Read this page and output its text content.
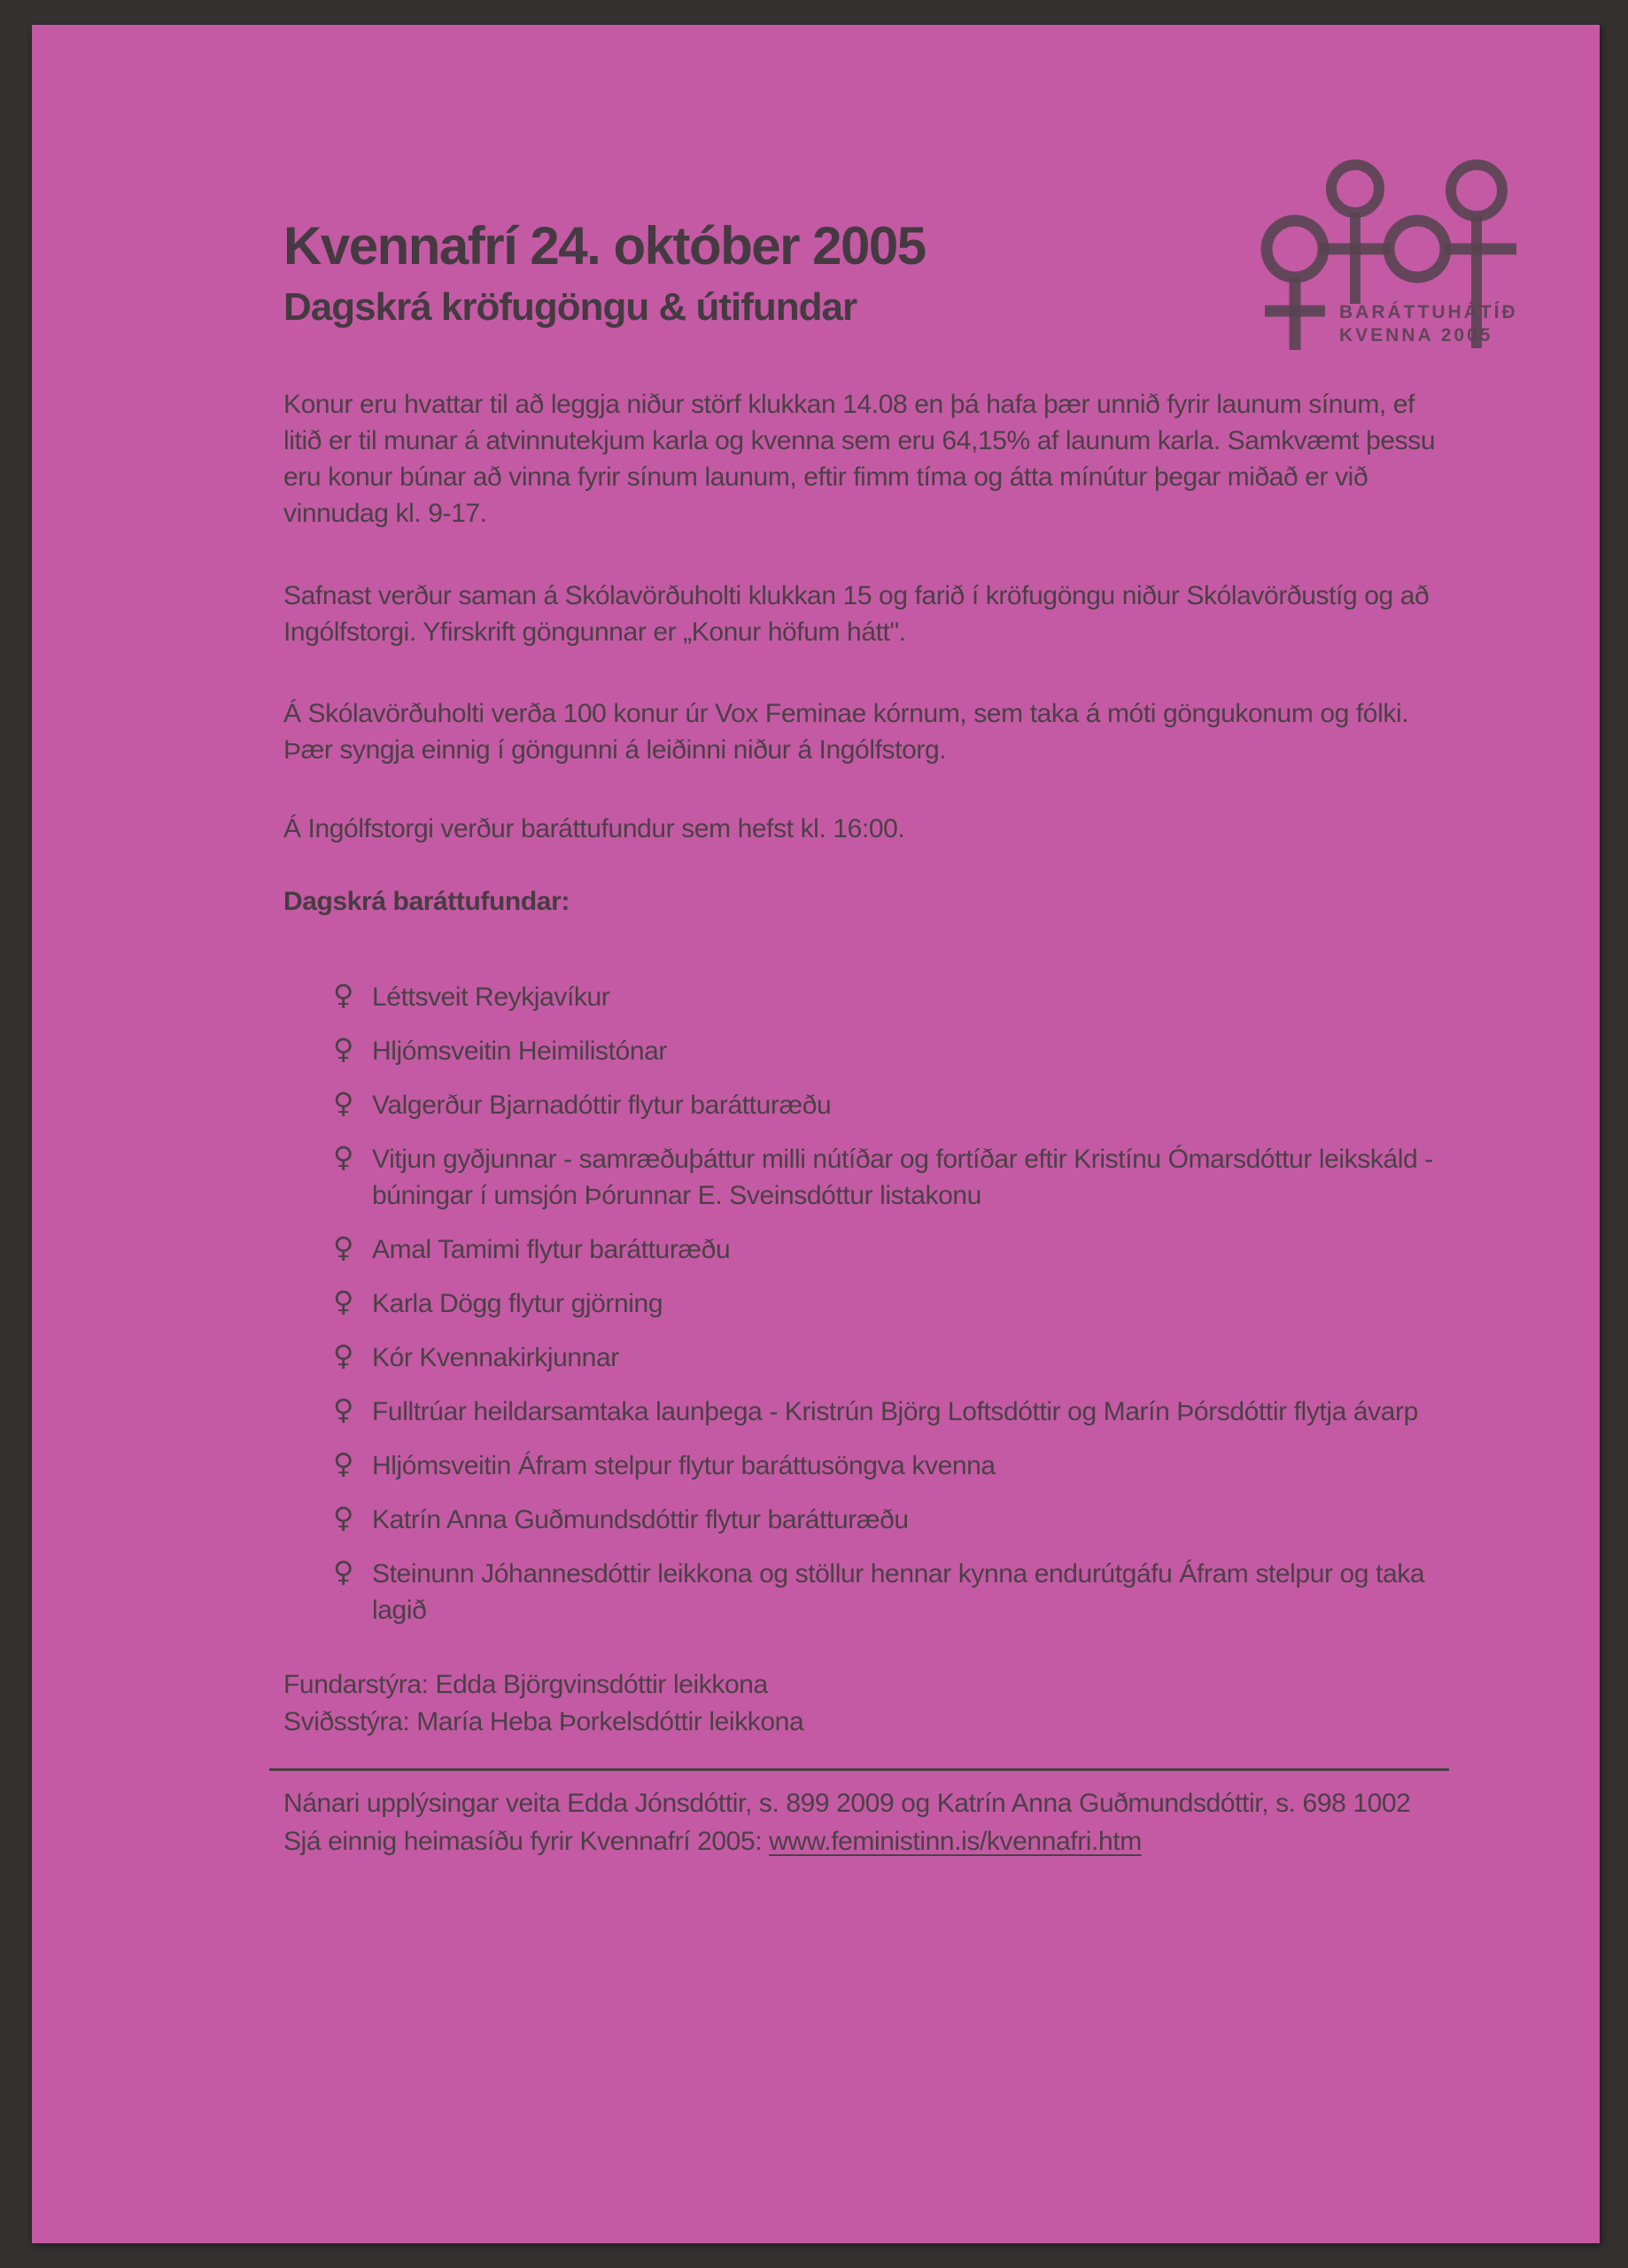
BARÁTTUHÁTÍÐ
KVENNA 2005
Kvennafrí 24. október 2005
Dagskrá kröfugöngu & útifundar

Konur eru hvattar til að leggja niður störf klukkan 14.08 en þá hafa þær unnið fyrir launum sínum, ef litið er til munar á atvinnutekjum karla og kvenna sem eru 64,15% af launum karla. Samkvæmt þessu eru konur búnar að vinna fyrir sínum launum, eftir fimm tíma og átta mínútur þegar miðað er við vinnudag kl. 9-17.

Safnast verður saman á Skólavörðuholti klukkan 15 og farið í kröfugöngu niður Skólavörðustíg og að Ingólfstorgi. Yfirskrift göngunnar er „Konur höfum hátt".

Á Skólavörðuholti verða 100 konur úr Vox Feminae kórnum, sem taka á móti göngukonum og fólki. Þær syngja einnig í göngunni á leiðinni niður á Ingólfstorg.

Á Ingólfstorgi verður baráttufundur sem hefst kl. 16:00.

Dagskrá baráttufundar:
♀ Léttsveit Reykjavíkur
♀ Hljómsveitin Heimilistónar
♀ Valgerður Bjarnadóttir flytur barátturæðu
♀ Vitjun gyðjunnar - samræðuþáttur milli nútíðar og fortíðar eftir Kristínu Ómarsdóttur leikskáld - búningar í umsjón Þórunnar E. Sveinsdóttur listakonu
♀ Amal Tamimi flytur barátturæðu
♀ Karla Dögg flytur gjörning
♀ Kór Kvennakirkjunnar
♀ Fulltrúar heildarsamtaka launþega - Kristrún Björg Loftsdóttir og Marín Þórsdóttir flytja ávarp
♀ Hljómsveitin Áfram stelpur flytur baráttusöngva kvenna
♀ Katrín Anna Guðmundsdóttir flytur barátturæðu
♀ Steinunn Jóhannesdóttir leikkona og stöllur hennar kynna endurútgáfu Áfram stelpur og taka lagið
Fundarstýra: Edda Björgvinsdóttir leikkona
Sviðsstýra: María Heba Þorkelsdóttir leikkona
Nánari upplýsingar veita Edda Jónsdóttir, s. 899 2009 og Katrín Anna Guðmundsdóttir, s. 698 1002
Sjá einnig heimasíðu fyrir Kvennafrí 2005: www.feministinn.is/kvennafri.htm
